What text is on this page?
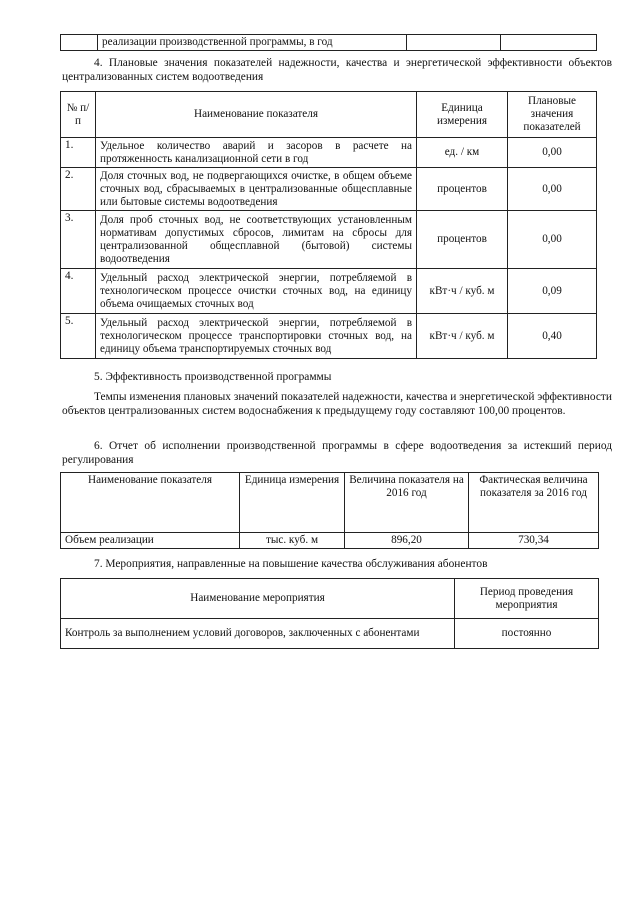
	реализации производственной программы, в год		

4. Плановые значения показателей надежности, качества и энергетической эффективности объектов централизованных систем водоотведения

№ п/п	Наименование показателя	Единица измерения	Плановые значения показателей
1.	Удельное количество аварий и засоров в расчете на протяженность канализационной сети в год	ед. / км	0,00
2.	Доля сточных вод, не подвергающихся очистке, в общем объеме сточных вод, сбрасываемых в централизованные общесплавные или бытовые системы водоотведения	процентов	0,00
3.	Доля проб сточных вод, не соответствующих установленным нормативам допустимых сбросов, лимитам на сбросы для централизованной общесплавной (бытовой) системы водоотведения	процентов	0,00
4.	Удельный расход электрической энергии, потребляемой в технологическом процессе очистки сточных вод, на единицу объема очищаемых сточных вод	кВт·ч / куб. м	0,09
5.	Удельный расход электрической энергии, потребляемой в технологическом процессе транспортировки сточных вод, на единицу объема транспортируемых сточных вод	кВт·ч / куб. м	0,40

5. Эффективность производственной программы

Темпы изменения плановых значений показателей надежности, качества и энергетической эффективности объектов централизованных систем водоснабжения к предыдущему году составляют 100,00 процентов.

6. Отчет об исполнении производственной программы в сфере водоотведения за истекший период регулирования

Наименование показателя	Единица измерения	Величина показателя на 2016 год	Фактическая величина показателя за 2016 год
Объем реализации	тыс. куб. м	896,20	730,34

7. Мероприятия, направленные на повышение качества обслуживания абонентов

Наименование мероприятия	Период проведения мероприятия
Контроль за выполнением условий договоров, заключенных с абонентами	постоянно
